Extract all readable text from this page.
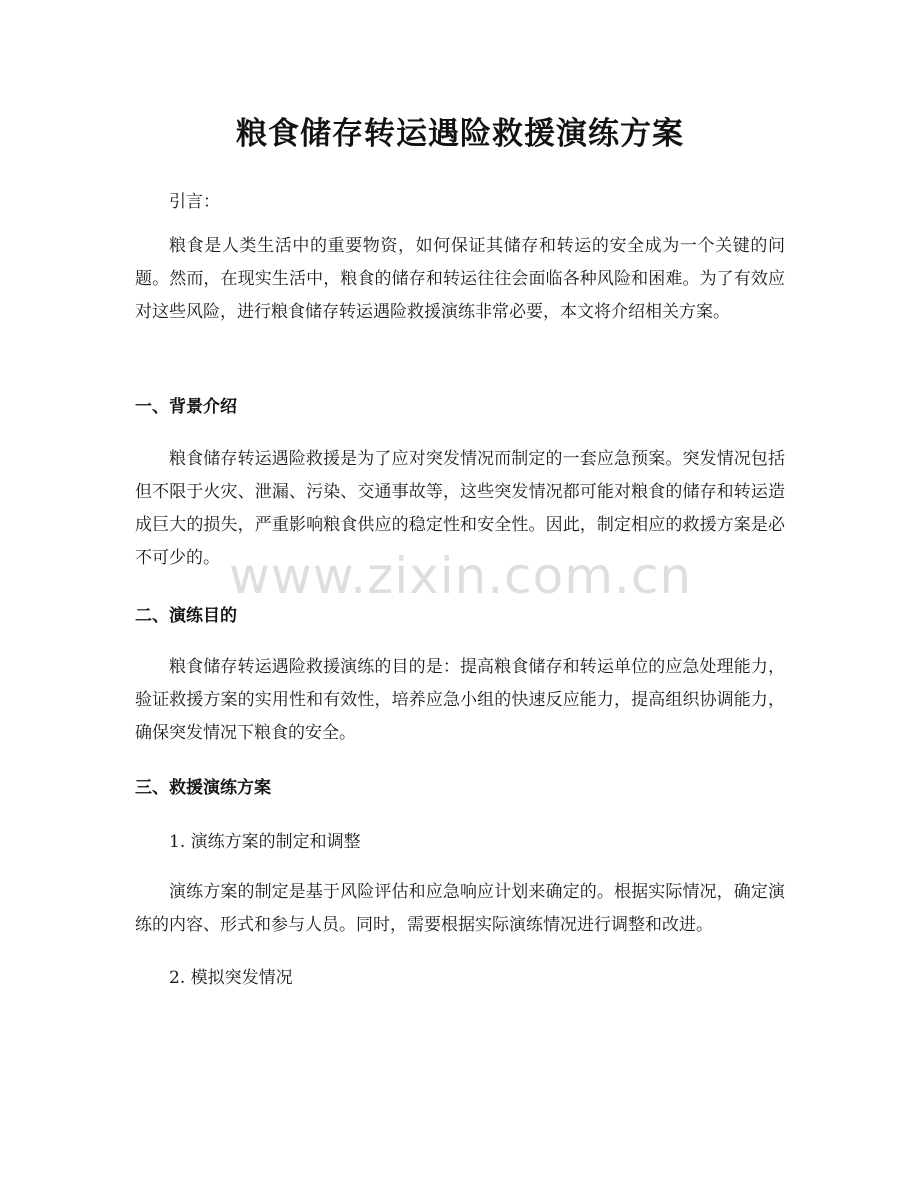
粮食储存转运遇险救援演练方案

引言：

粮食是人类生活中的重要物资，如何保证其储存和转运的安全成为一个关键的问题。然而，在现实生活中，粮食的储存和转运往往会面临各种风险和困难。为了有效应对这些风险，进行粮食储存转运遇险救援演练非常必要，本文将介绍相关方案。

一、背景介绍

粮食储存转运遇险救援是为了应对突发情况而制定的一套应急预案。突发情况包括但不限于火灾、泄漏、污染、交通事故等，这些突发情况都可能对粮食的储存和转运造成巨大的损失，严重影响粮食供应的稳定性和安全性。因此，制定相应的救援方案是必不可少的。 www.zixin.com.cn
二、演练目的

粮食储存转运遇险救援演练的目的是：提高粮食储存和转运单位的应急处理能力，验证救援方案的实用性和有效性，培养应急小组的快速反应能力，提高组织协调能力，确保突发情况下粮食的安全。

三、救援演练方案

1. 演练方案的制定和调整

演练方案的制定是基于风险评估和应急响应计划来确定的。根据实际情况，确定演练的内容、形式和参与人员。同时，需要根据实际演练情况进行调整和改进。

2. 模拟突发情况
